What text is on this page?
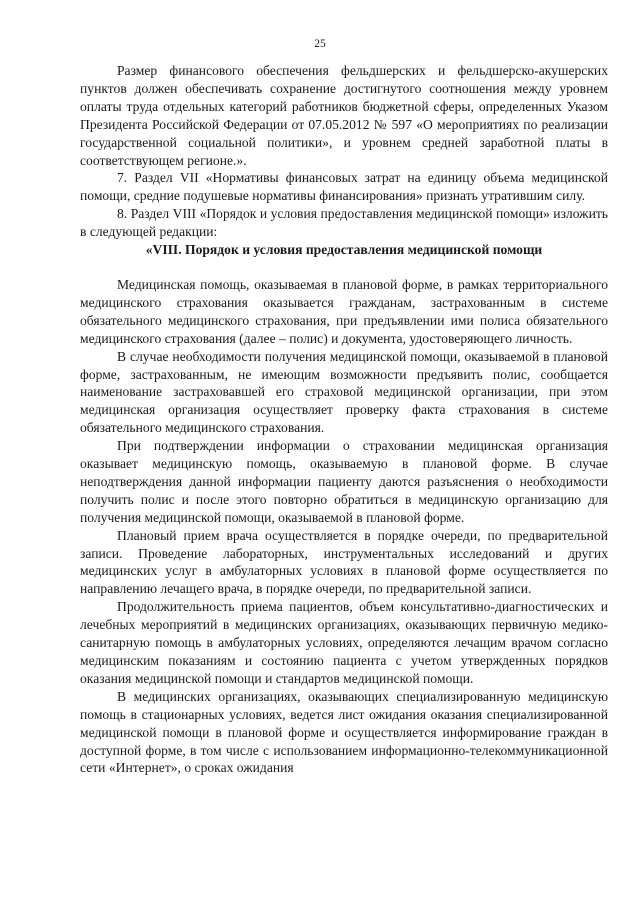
25

Размер финансового обеспечения фельдшерских и фельдшерско-акушерских пунктов должен обеспечивать сохранение достигнутого соотношения между уровнем оплаты труда отдельных категорий работников бюджетной сферы, определенных Указом Президента Российской Федерации от 07.05.2012 № 597 «О мероприятиях по реализации государственной социальной политики», и уровнем средней заработной платы в соответствующем регионе.».

7. Раздел VII «Нормативы финансовых затрат на единицу объема медицинской помощи, средние подушевые нормативы финансирования» признать утратившим силу.

8. Раздел VIII «Порядок и условия предоставления медицинской помощи» изложить в следующей редакции:

«VIII. Порядок и условия предоставления медицинской помощи

Медицинская помощь, оказываемая в плановой форме, в рамках территориального медицинского страхования оказывается гражданам, застрахованным в системе обязательного медицинского страхования, при предъявлении ими полиса обязательного медицинского страхования (далее – полис) и документа, удостоверяющего личность.

В случае необходимости получения медицинской помощи, оказываемой в плановой форме, застрахованным, не имеющим возможности предъявить полис, сообщается наименование застраховавшей его страховой медицинской организации, при этом медицинская организация осуществляет проверку факта страхования в системе обязательного медицинского страхования.

При подтверждении информации о страховании медицинская организация оказывает медицинскую помощь, оказываемую в плановой форме. В случае неподтверждения данной информации пациенту даются разъяснения о необходимости получить полис и после этого повторно обратиться в медицинскую организацию для получения медицинской помощи, оказываемой в плановой форме.

Плановый прием врача осуществляется в порядке очереди, по предварительной записи. Проведение лабораторных, инструментальных исследований и других медицинских услуг в амбулаторных условиях в плановой форме осуществляется по направлению лечащего врача, в порядке очереди, по предварительной записи.

Продолжительность приема пациентов, объем консультативно-диагностических и лечебных мероприятий в медицинских организациях, оказывающих первичную медико-санитарную помощь в амбулаторных условиях, определяются лечащим врачом согласно медицинским показаниям и состоянию пациента с учетом утвержденных порядков оказания медицинской помощи и стандартов медицинской помощи.

В медицинских организациях, оказывающих специализированную медицинскую помощь в стационарных условиях, ведется лист ожидания оказания специализированной медицинской помощи в плановой форме и осуществляется информирование граждан в доступной форме, в том числе с использованием информационно-телекоммуникационной сети «Интернет», о сроках ожидания
